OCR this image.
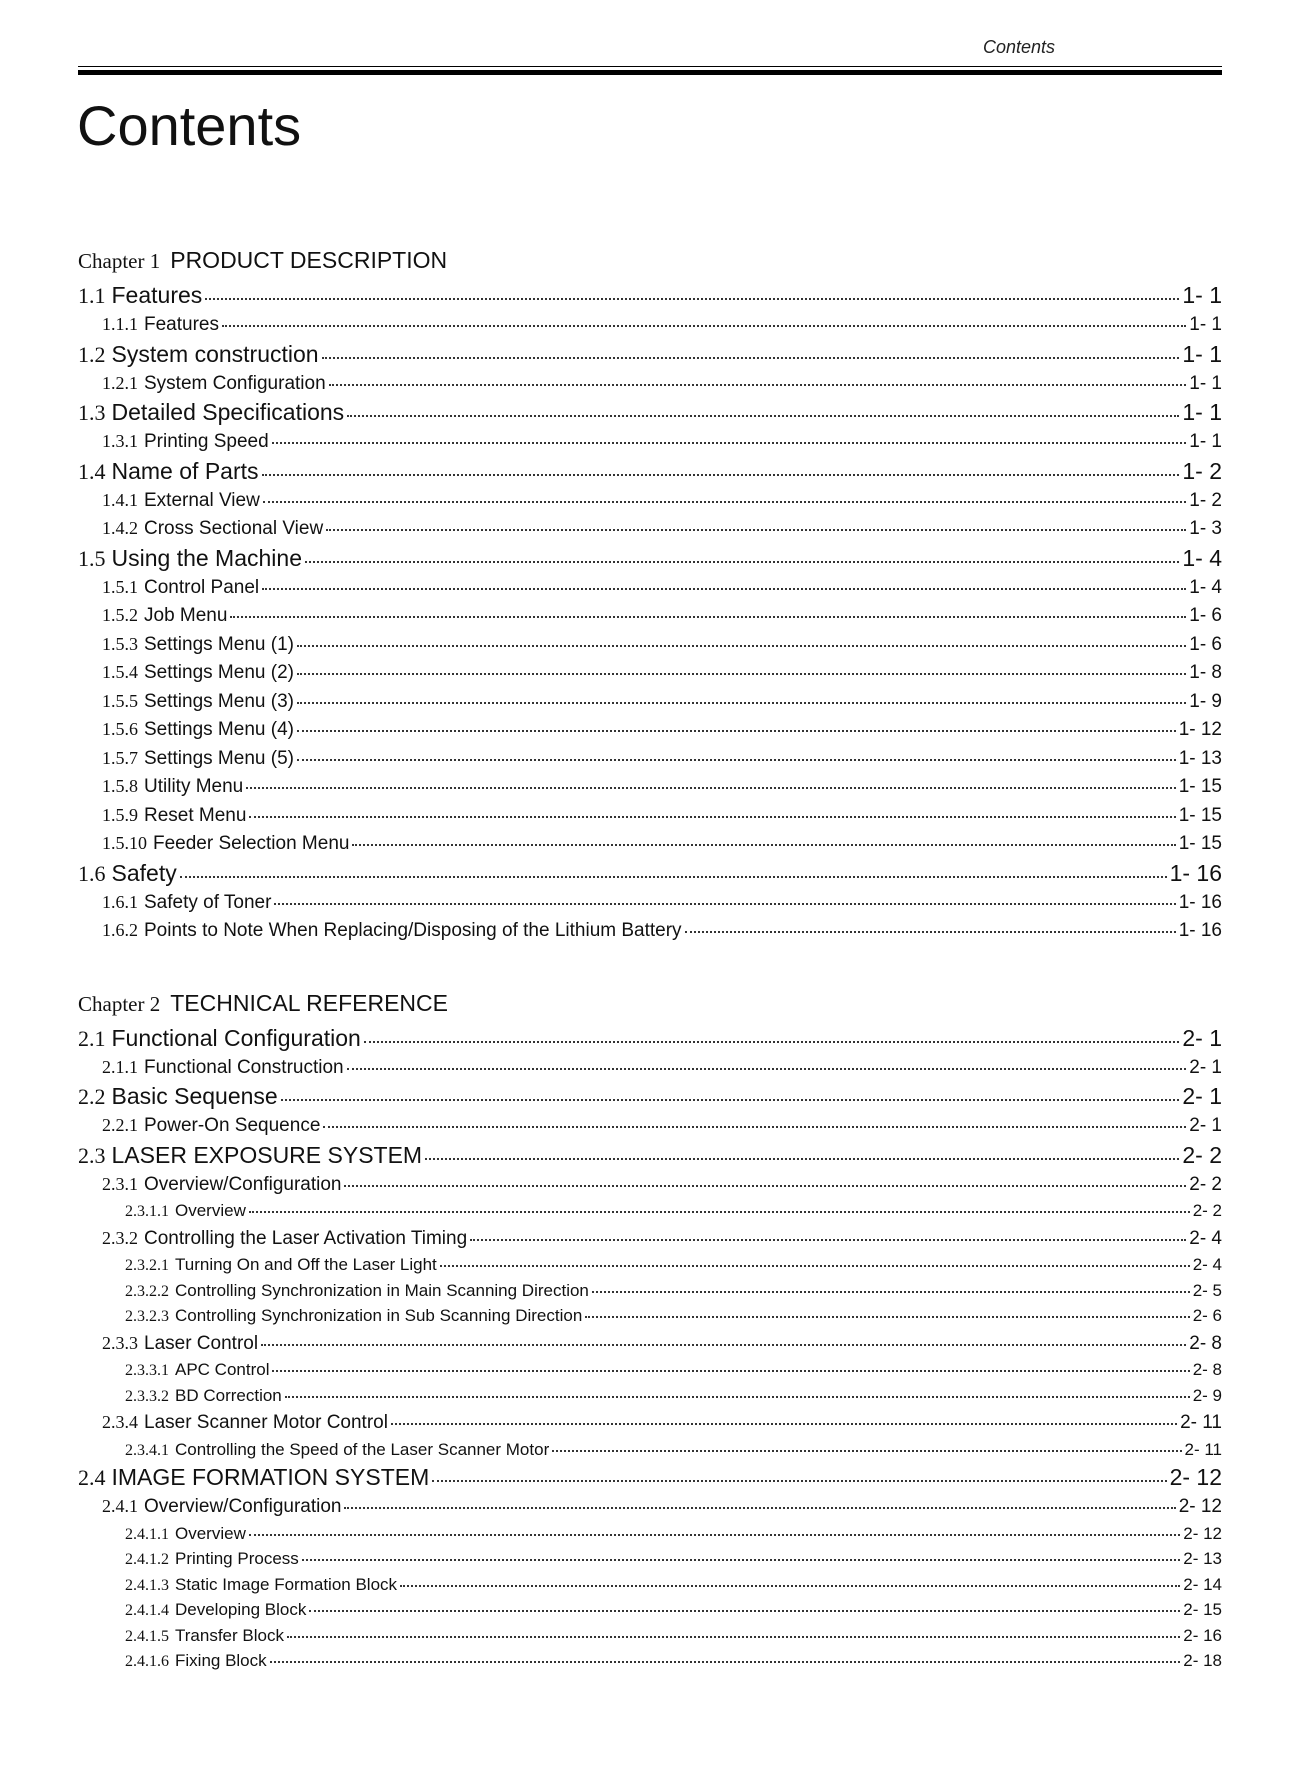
Contents
Contents
Chapter 1 PRODUCT DESCRIPTION
1.1 Features	1- 1
1.1.1 Features	1- 1
1.2 System construction	1- 1
1.2.1 System Configuration	1- 1
1.3 Detailed Specifications	1- 1
1.3.1 Printing Speed	1- 1
1.4 Name of Parts	1- 2
1.4.1 External View	1- 2
1.4.2 Cross Sectional View	1- 3
1.5 Using the Machine	1- 4
1.5.1 Control Panel	1- 4
1.5.2 Job Menu	1- 6
1.5.3 Settings Menu (1)	1- 6
1.5.4 Settings Menu (2)	1- 8
1.5.5 Settings Menu (3)	1- 9
1.5.6 Settings Menu (4)	1- 12
1.5.7 Settings Menu (5)	1- 13
1.5.8 Utility Menu	1- 15
1.5.9 Reset Menu	1- 15
1.5.10 Feeder Selection Menu	1- 15
1.6 Safety	1- 16
1.6.1 Safety of Toner	1- 16
1.6.2 Points to Note When Replacing/Disposing of the Lithium Battery	1- 16
Chapter 2 TECHNICAL REFERENCE
2.1 Functional Configuration	2- 1
2.1.1 Functional Construction	2- 1
2.2 Basic Sequense	2- 1
2.2.1 Power-On Sequence	2- 1
2.3 LASER EXPOSURE SYSTEM	2- 2
2.3.1 Overview/Configuration	2- 2
2.3.1.1 Overview	2- 2
2.3.2 Controlling the Laser Activation Timing	2- 4
2.3.2.1 Turning On and Off the Laser Light	2- 4
2.3.2.2 Controlling Synchronization in Main Scanning Direction	2- 5
2.3.2.3 Controlling Synchronization in Sub Scanning Direction	2- 6
2.3.3 Laser Control	2- 8
2.3.3.1 APC Control	2- 8
2.3.3.2 BD Correction	2- 9
2.3.4 Laser Scanner Motor Control	2- 11
2.3.4.1 Controlling the Speed of the Laser Scanner Motor	2- 11
2.4 IMAGE FORMATION SYSTEM	2- 12
2.4.1 Overview/Configuration	2- 12
2.4.1.1 Overview	2- 12
2.4.1.2 Printing Process	2- 13
2.4.1.3 Static Image Formation Block	2- 14
2.4.1.4 Developing Block	2- 15
2.4.1.5 Transfer Block	2- 16
2.4.1.6 Fixing Block	2- 18
